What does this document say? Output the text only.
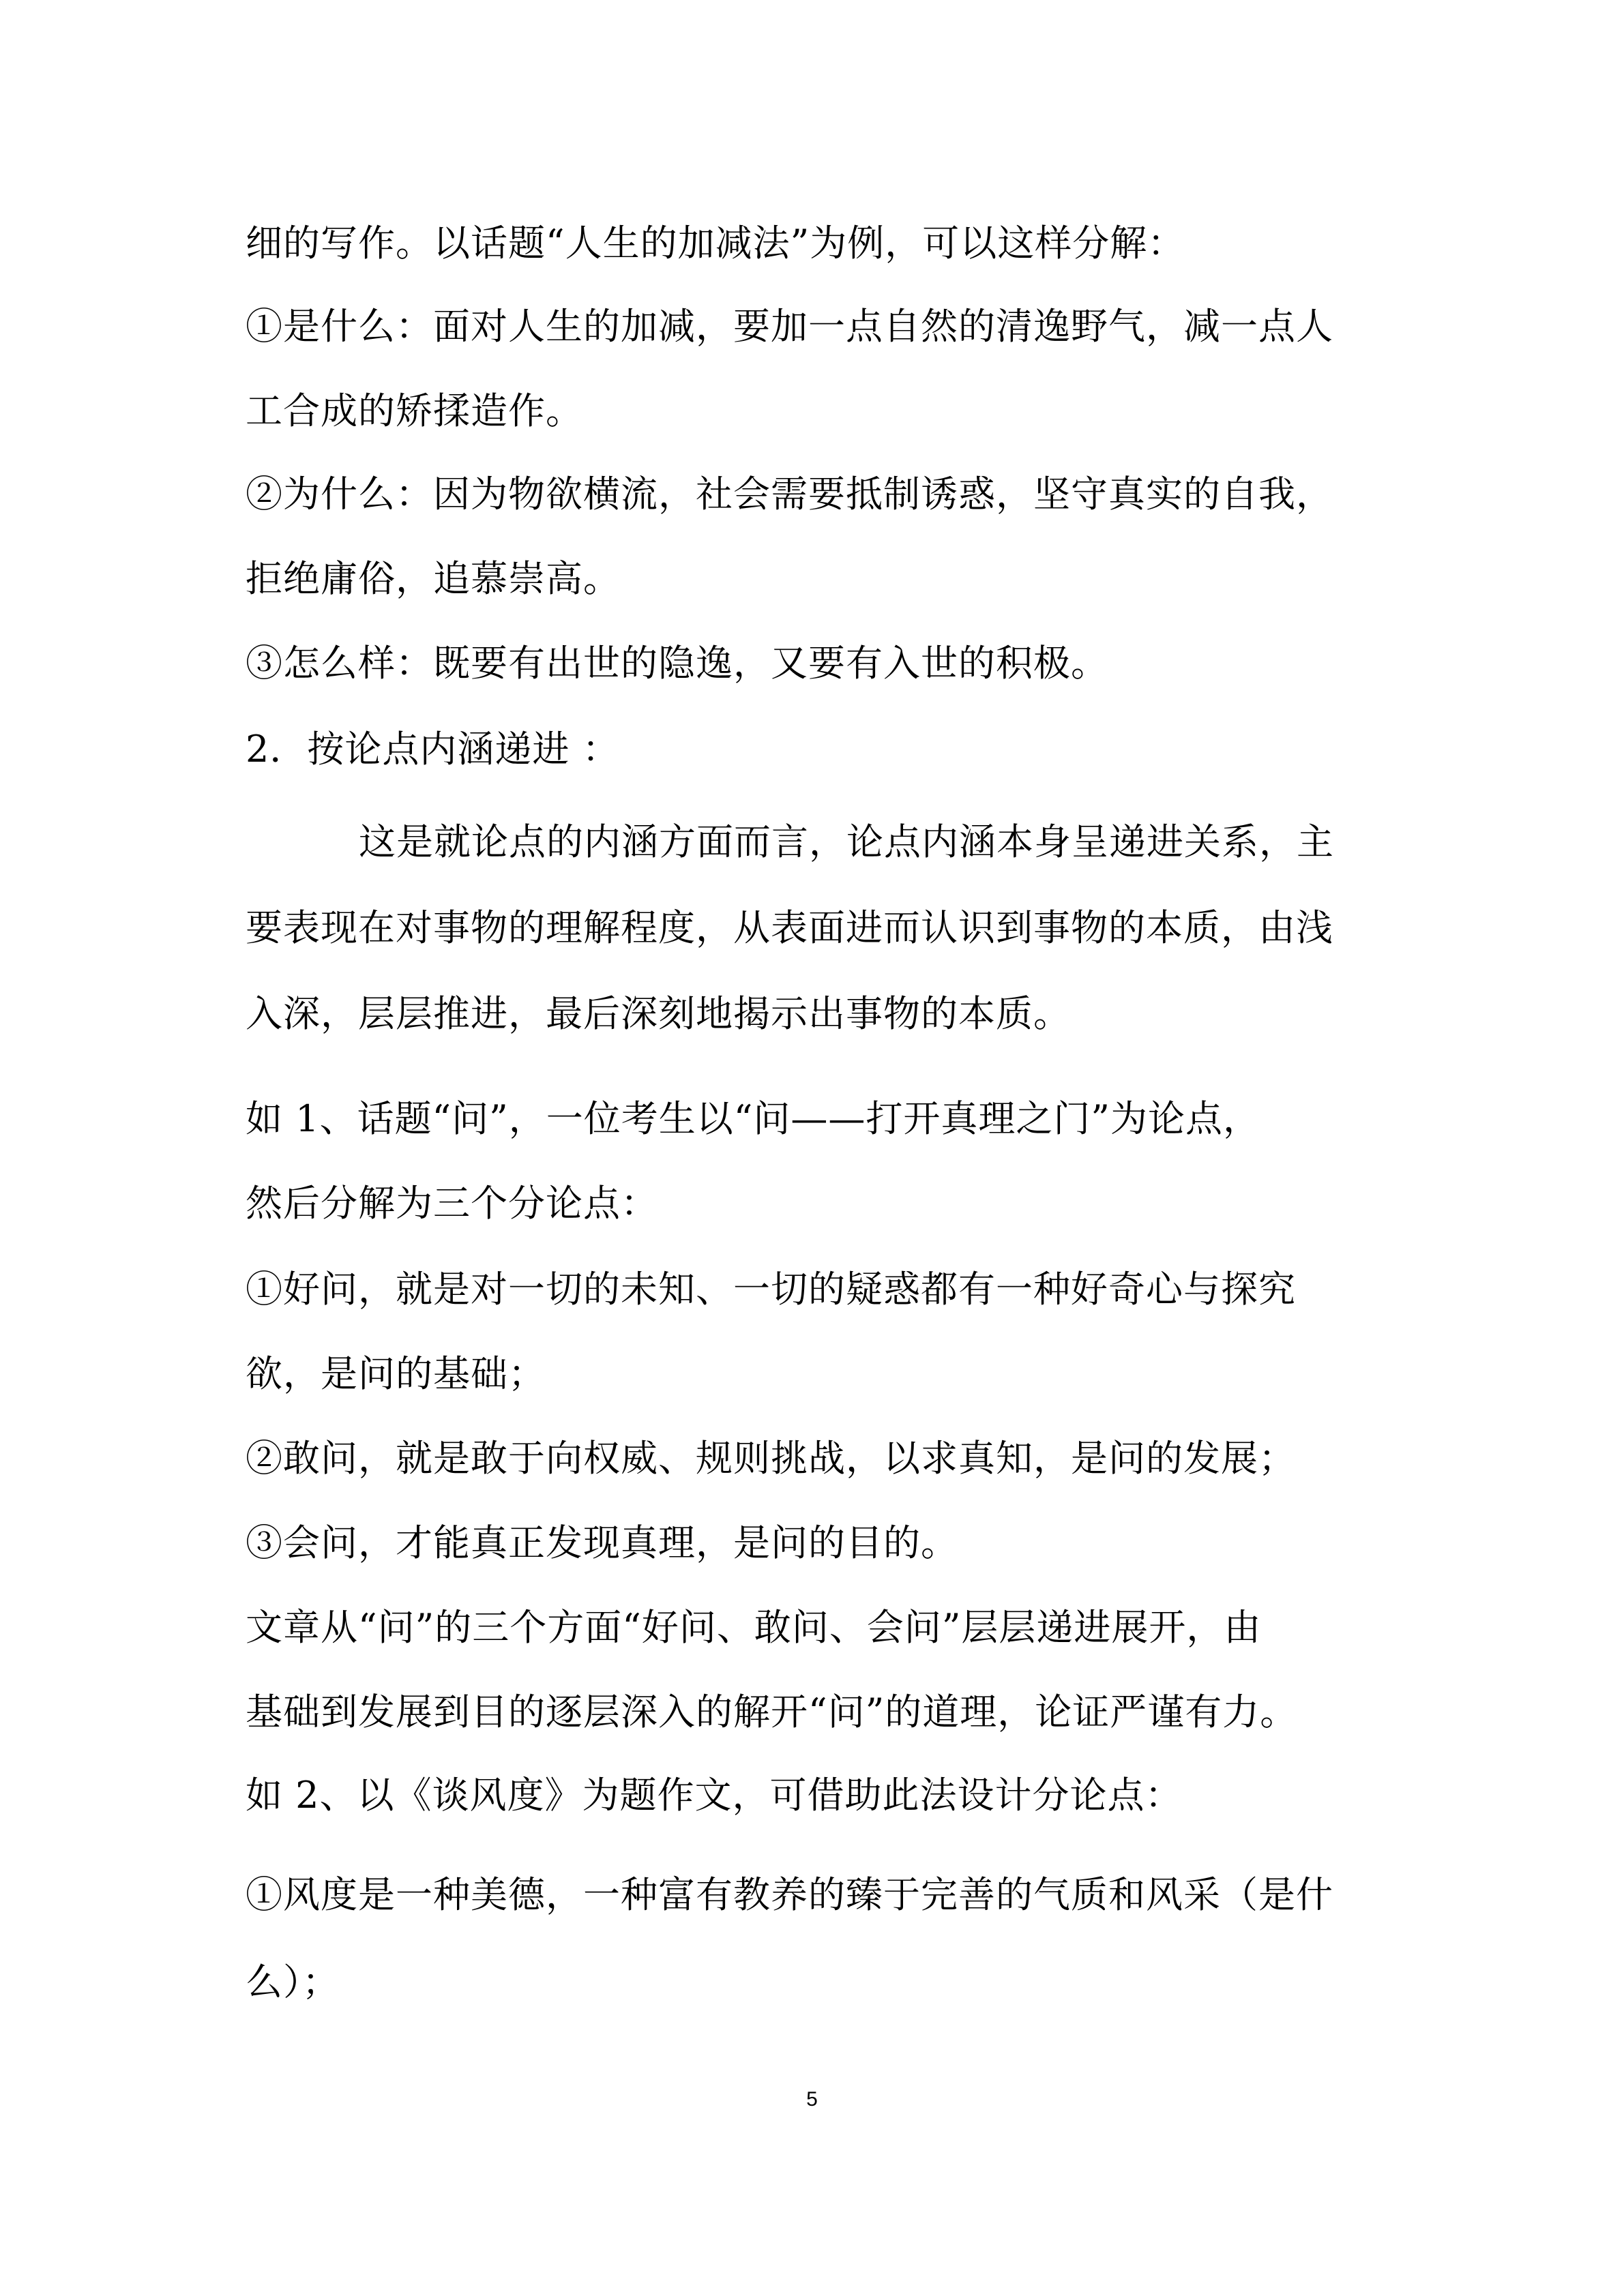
细的写作。以话题“人生的加减法”为例，可以这样分解：
①是什么：面对人生的加减，要加一点自然的清逸野气，减一点人
工合成的矫揉造作。
②为什么：因为物欲横流，社会需要抵制诱惑，坚守真实的自我，
拒绝庸俗，追慕崇高。
③怎么样：既要有出世的隐逸，又要有入世的积极。
2．按论点内涵递进 ：
这是就论点的内涵方面而言，论点内涵本身呈递进关系，主
要表现在对事物的理解程度，从表面进而认识到事物的本质，由浅
入深，层层推进，最后深刻地揭示出事物的本质。
如 1、话题“问”，一位考生以“问——打开真理之门”为论点，
然后分解为三个分论点：
①好问，就是对一切的未知、一切的疑惑都有一种好奇心与探究
欲，是问的基础；
②敢问，就是敢于向权威、规则挑战，以求真知，是问的发展；
③会问，才能真正发现真理，是问的目的。
文章从“问”的三个方面“好问、敢问、会问”层层递进展开，由
基础到发展到目的逐层深入的解开“问”的道理，论证严谨有力。
如 2、以《谈风度》为题作文，可借助此法设计分论点：
①风度是一种美德，一种富有教养的臻于完善的气质和风采（是什
么）；
5
